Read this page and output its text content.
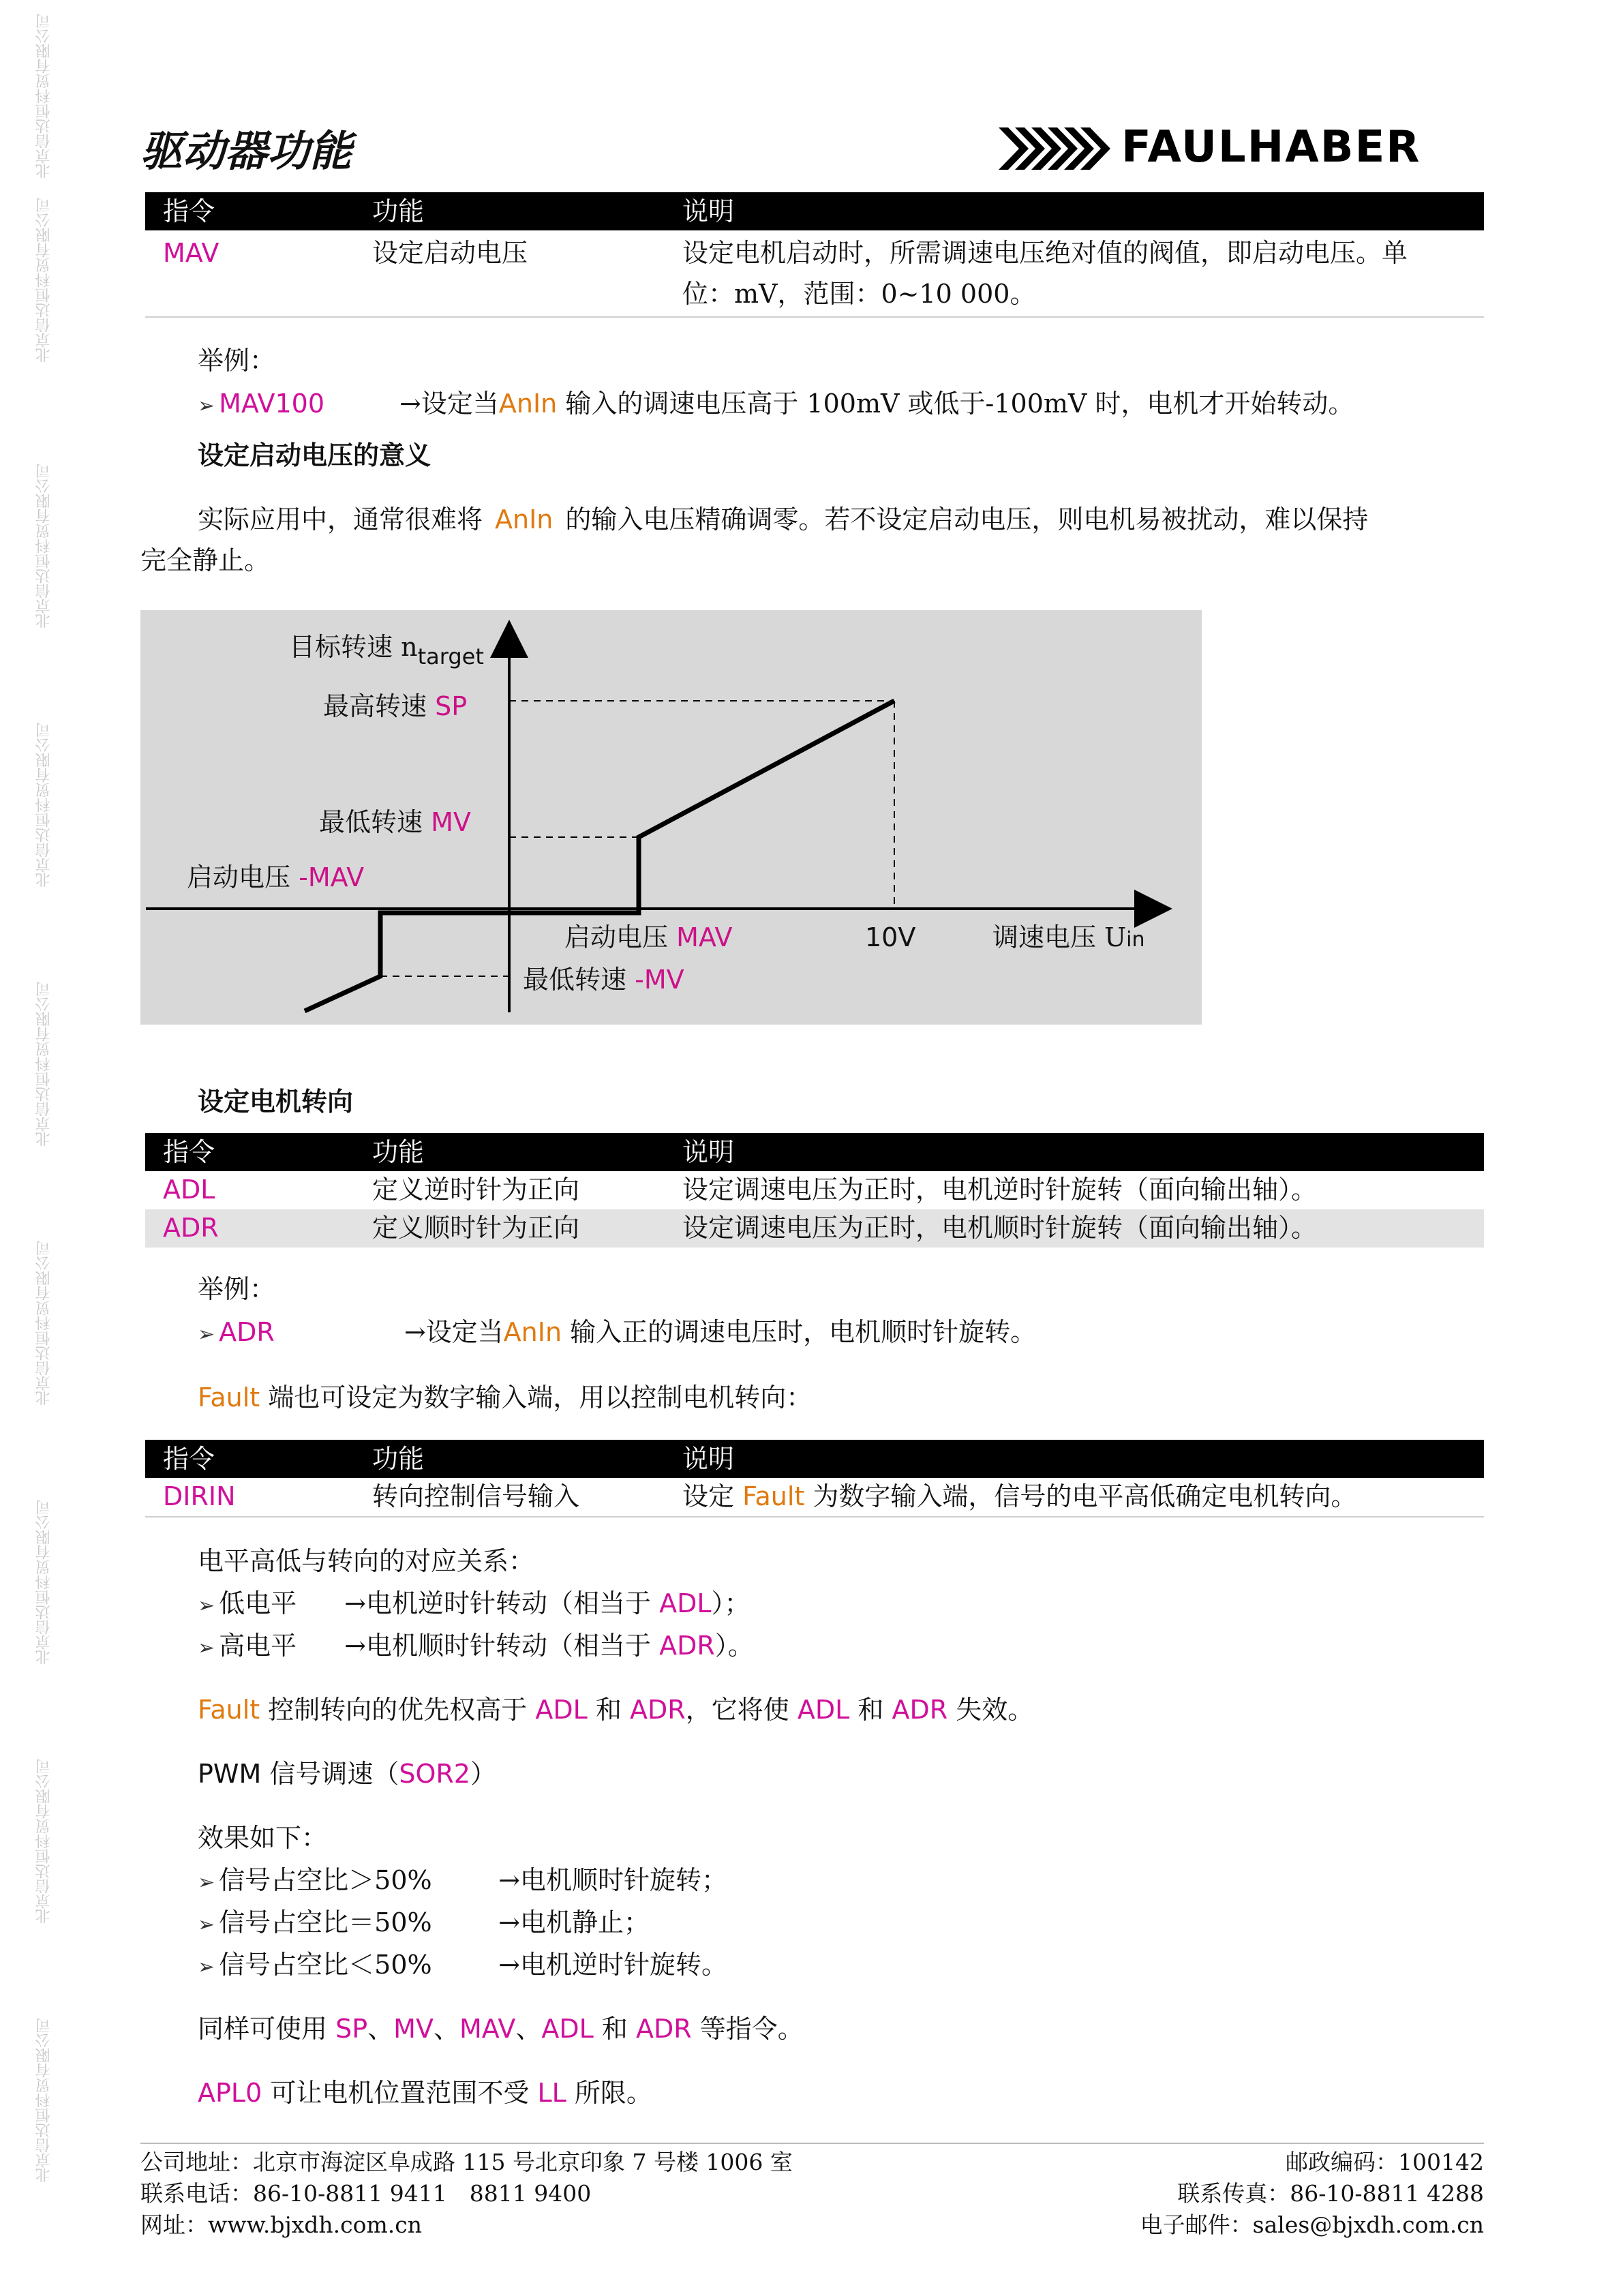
北京信达恒科贸有限公司
北京信达恒科贸有限公司
北京信达恒科贸有限公司
北京信达恒科贸有限公司
北京信达恒科贸有限公司
北京信达恒科贸有限公司
北京信达恒科贸有限公司
北京信达恒科贸有限公司
北京信达恒科贸有限公司
驱动器功能	FAULHABER
指令	功能	说明
MAV	设定启动电压	设定电机启动时，所需调速电压绝对值的阀值，即启动电压。单
位：mV，范围：0~10 000。
举例：
➢ MAV100	→设定当AnIn 输入的调速电压高于 100mV 或低于-100mV 时，电机才开始转动。
设定启动电压的意义
实际应用中，通常很难将 AnIn 的输入电压精确调零。若不设定启动电压，则电机易被扰动，难以保持
完全静止。
目标转速 $n_{target}$
最高转速 SP
最低转速 MV
启动电压 -MAV
启动电压 MAV	10V	调速电压 Uin
最低转速 -MV
设定电机转向
指令	功能	说明
ADL	定义逆时针为正向	设定调速电压为正时，电机逆时针旋转（面向输出轴）。
ADR	定义顺时针为正向	设定调速电压为正时，电机顺时针旋转（面向输出轴）。
举例：
➢ ADR	→设定当AnIn 输入正的调速电压时，电机顺时针旋转。
Fault 端也可设定为数字输入端，用以控制电机转向：
指令	功能	说明
DIRIN	转向控制信号输入	设定 Fault 为数字输入端，信号的电平高低确定电机转向。
电平高低与转向的对应关系：
➢ 低电平 →电机逆时针转动（相当于 ADL）；
➢ 高电平 →电机顺时针转动（相当于 ADR）。
Fault 控制转向的优先权高于 ADL 和 ADR，它将使 ADL 和 ADR 失效。
PWM 信号调速（SOR2）
效果如下：
➢ 信号占空比＞50%	→电机顺时针旋转；
➢ 信号占空比＝50%	→电机静止；
➢ 信号占空比＜50%	→电机逆时针旋转。
同样可使用 SP、MV、MAV、ADL 和 ADR 等指令。
APL0 可让电机位置范围不受 LL 所限。
公司地址：北京市海淀区阜成路 115 号北京印象 7 号楼 1006 室
联系电话：86-10-8811 9411　8811 9400
网址：www.bjxdh.com.cn
邮政编码：100142
联系传真：86-10-8811 4288
电子邮件：sales@bjxdh.com.cn
